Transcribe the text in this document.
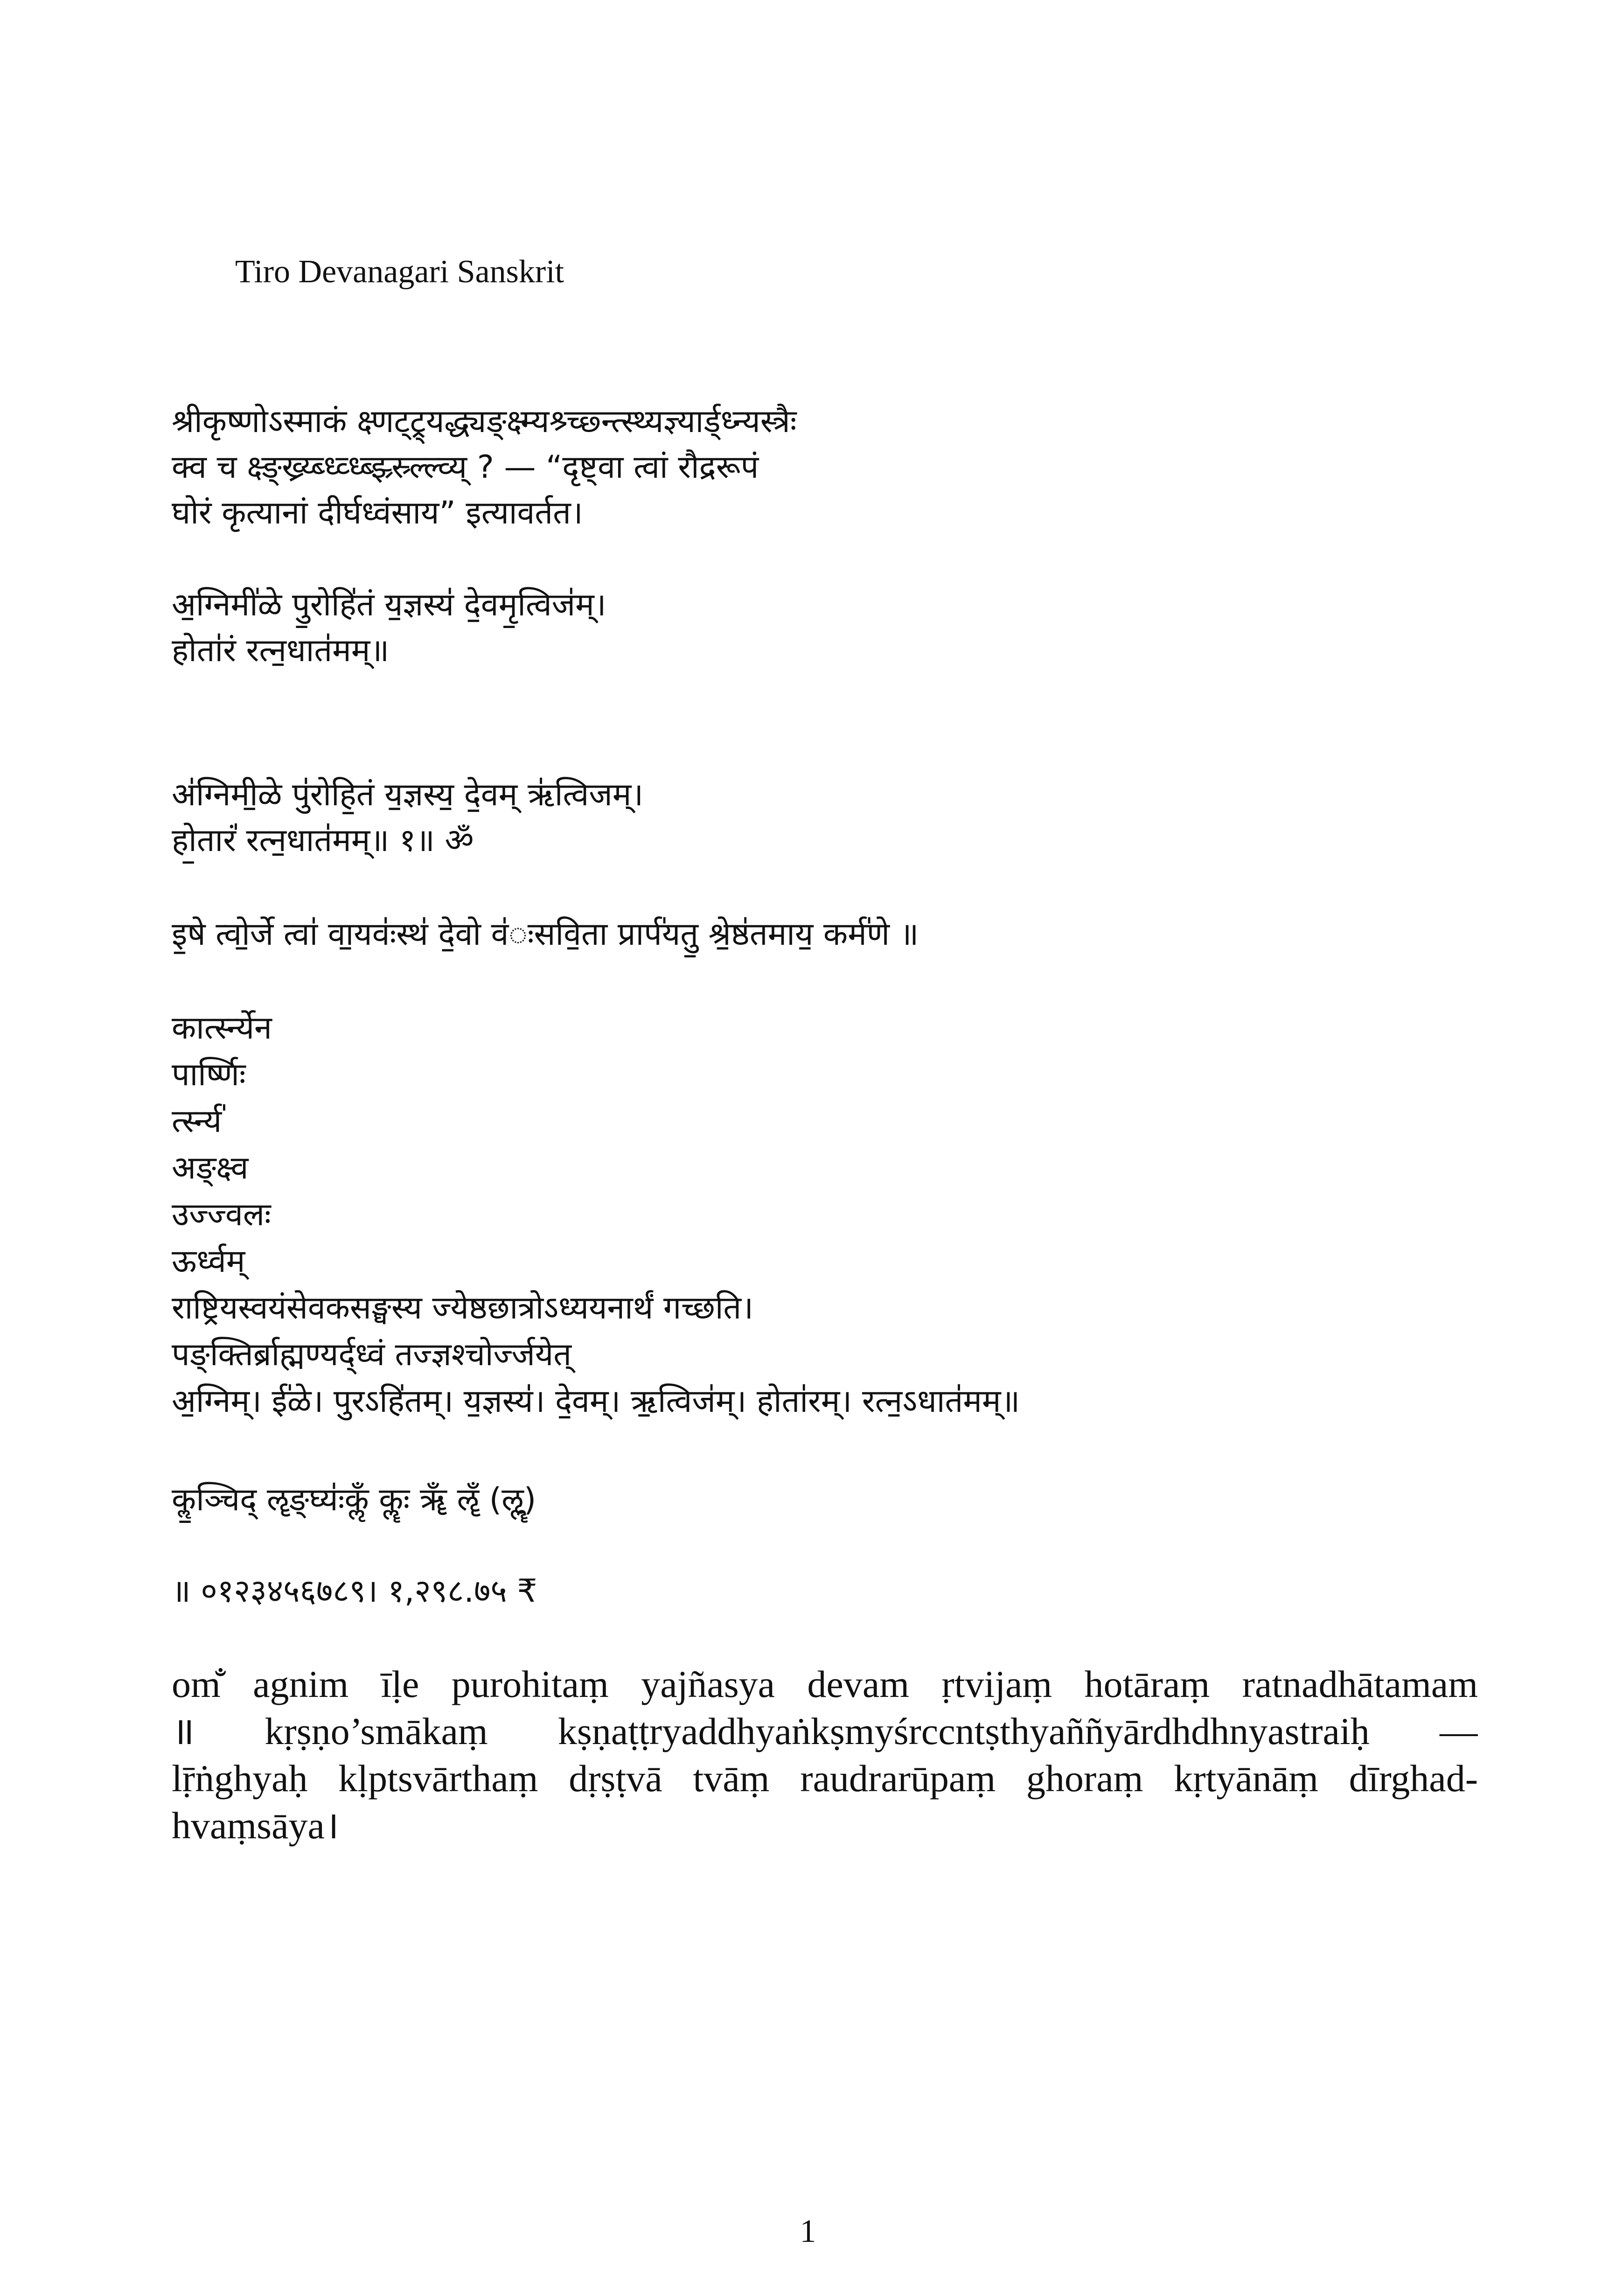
Tiro Devanagari Sanskrit
श्रीकृष्णोऽस्माकं क्ष्णट्ट्र्यद्ध्यङ्क्ष्म्यश्र्च्छ्न्त्स्थ्यज्ञ्यार्ड्ध्न्यस्त्रैः
क्व च क्ष्ङ्ख्र्य्ब्ध्व्ध्ब्झ्र्स्र्ल्ल्व्य् ? — “दृष्ट्वा त्वां रौद्ररूपं
घोरं कृत्यानां दीर्घध्वंसाय” इत्यावर्तत।
अ॒ग्निमी॑ळे पु॒रोहि॑तं य॒ज्ञस्य॑ दे॒वमृ॒त्विज॑म्।
होता॑रं रत्न॒धात॑मम्॥
अ॑ग्निमी॒ळे पु॑रोहि॒तं य॒ज्ञस्य॒ दे॒वम् ऋ॑त्विजम्।
हो॒तारं॑ रत्न॒धात॑मम्॥ १॥ ॐ
इ॒षे त्वो॒र्जे त्वा॑ वा॒यवः॑स्थ॑ दे॒वो व॑ःसवि॒ता प्रार्प॑यतु॒ श्रे॒ष्ठ॑तमाय॒ कर्म॑णे ॥
कार्त्स्न्येन
पार्ष्णिः
र्त्स्न्य॑
अङ्क्ष्व
उज्ज्वलः
ऊर्ध्वम्
राष्ट्रियस्वयंसेवकसङ्घस्य ज्येष्ठछात्रोऽध्ययनार्थं गच्छति।
पङ्क्तिर्ब्राह्मण्यर्द्ध्वं तज्ज्ञश्चोर्ज्जयेत्
अ॒ग्निम्। ई॑ळे। पुरऽहि॑तम्। य॒ज्ञस्य॑। दे॒वम्। ऋ॒त्विज॑म्। होता॑रम्। रत्न॒ऽधात॑मम्॥
कॢ॒ञ्चिद् ॡङ्घ्यः॑कॢँ कॣः ॠँ ॡँ (ऌॣ)
॥ ०१२३४५६७८९। १,२९८.७५ ₹
om̐ agnim īḷe purohitaṃ yajñasya devam ṛtvijaṃ hotāraṃ ratnadhātamam
॥ kṛṣṇo’smākaṃ kṣṇaṭṭryaddhyaṅkṣmyśrccntṣthyaññyārdhdhnyastraiḥ —
lṝṅghyaḥ kḷptsvārthaṃ dṛṣṭvā tvāṃ raudrarūpaṃ ghoraṃ kṛtyānāṃ dīrghad-
hvaṃsāya।
1
